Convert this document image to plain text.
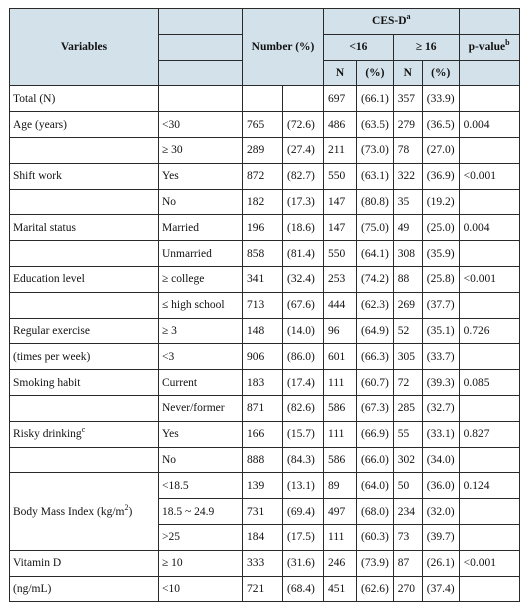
Variables		Number (%)		CES-$D^a$	
				<16		≥ 16		p-value$^b$
				N	(%)	N	(%)	
Total (N)				697	(66.1)	357	(33.9)	
Age (years)	<30	765	(72.6)	486	(63.5)	279	(36.5)	0.004
	≥ 30	289	(27.4)	211	(73.0)	78	(27.0)	
Shift work	Yes	872	(82.7)	550	(63.1)	322	(36.9)	<0.001
	No	182	(17.3)	147	(80.8)	35	(19.2)	
Marital status	Married	196	(18.6)	147	(75.0)	49	(25.0)	0.004
	Unmarried	858	(81.4)	550	(64.1)	308	(35.9)	
Education level	≥ college	341	(32.4)	253	(74.2)	88	(25.8)	<0.001
	≤ high school	713	(67.6)	444	(62.3)	269	(37.7)	
Regular exercise	≥ 3	148	(14.0)	96	(64.9)	52	(35.1)	0.726
(times per week)	<3	906	(86.0)	601	(66.3)	305	(33.7)	
Smoking habit	Current	183	(17.4)	111	(60.7)	72	(39.3)	0.085
	Never/former	871	(82.6)	586	(67.3)	285	(32.7)	
Risky drinking$^c$	Yes	166	(15.7)	111	(66.9)	55	(33.1)	0.827
	No	888	(84.3)	586	(66.0)	302	(34.0)	
Body Mass Index $(kg/m^2)$	<18.5	139	(13.1)	89	(64.0)	50	(36.0)	0.124
	18.5 ~ 24.9	731	(69.4)	497	(68.0)	234	(32.0)	
	>25	184	(17.5)	111	(60.3)	73	(39.7)	
Vitamin D	≥ 10	333	(31.6)	246	(73.9)	87	(26.1)	<0.001
(ng/mL)	<10	721	(68.4)	451	(62.6)	270	(37.4)	
